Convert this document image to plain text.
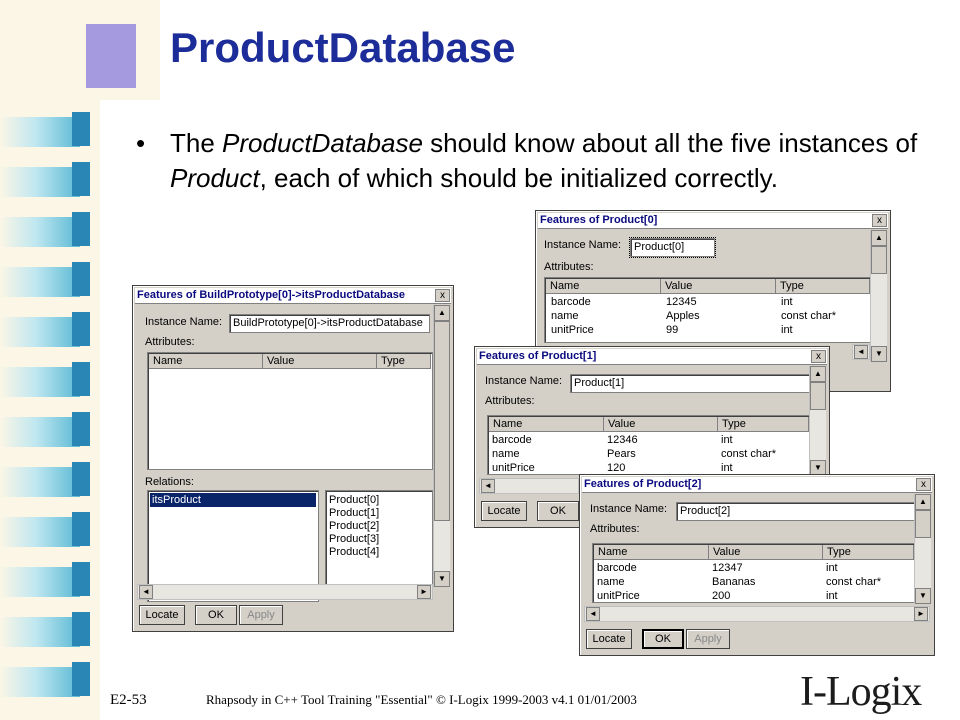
ProductDatabase
• The ProductDatabase should know about all the five instances of Product, each of which should be initialized correctly.
Features of Product[0]	x
Instance Name:	Product[0]
Attributes:
Name	Value	Type
barcode	12345	int
name	Apples	const char*
unitPrice	99	int
▲
▼
◄
Features of BuildPrototype[0]->itsProductDatabase	x
Instance Name: BuildPrototype[0]->itsProductDatabase
Attributes:
Name	Value	Type
Relations:
itsProduct	Product[0]
Product[1]
Product[2]
Product[3]
Product[4]
▲
▼
◄	►
Locate	OK	Apply
Features of Product[1]	x
Instance Name:	Product[1]
Attributes:
Name	Value	Type
barcode	12346	int
name	Pears	const char*
unitPrice	120	int
▲
▼
◄
Locate	OK
Features of Product[2]	x
Instance Name:	Product[2]
Attributes:
Name	Value	Type
barcode	12347	int
name	Bananas	const char*
unitPrice	200	int
▲
▼
◄	►
Locate	OK	Apply
E2-53	Rhapsody in C++ Tool Training "Essential" © I-Logix 1999-2003 v4.1 01/01/2003	I-Logix
